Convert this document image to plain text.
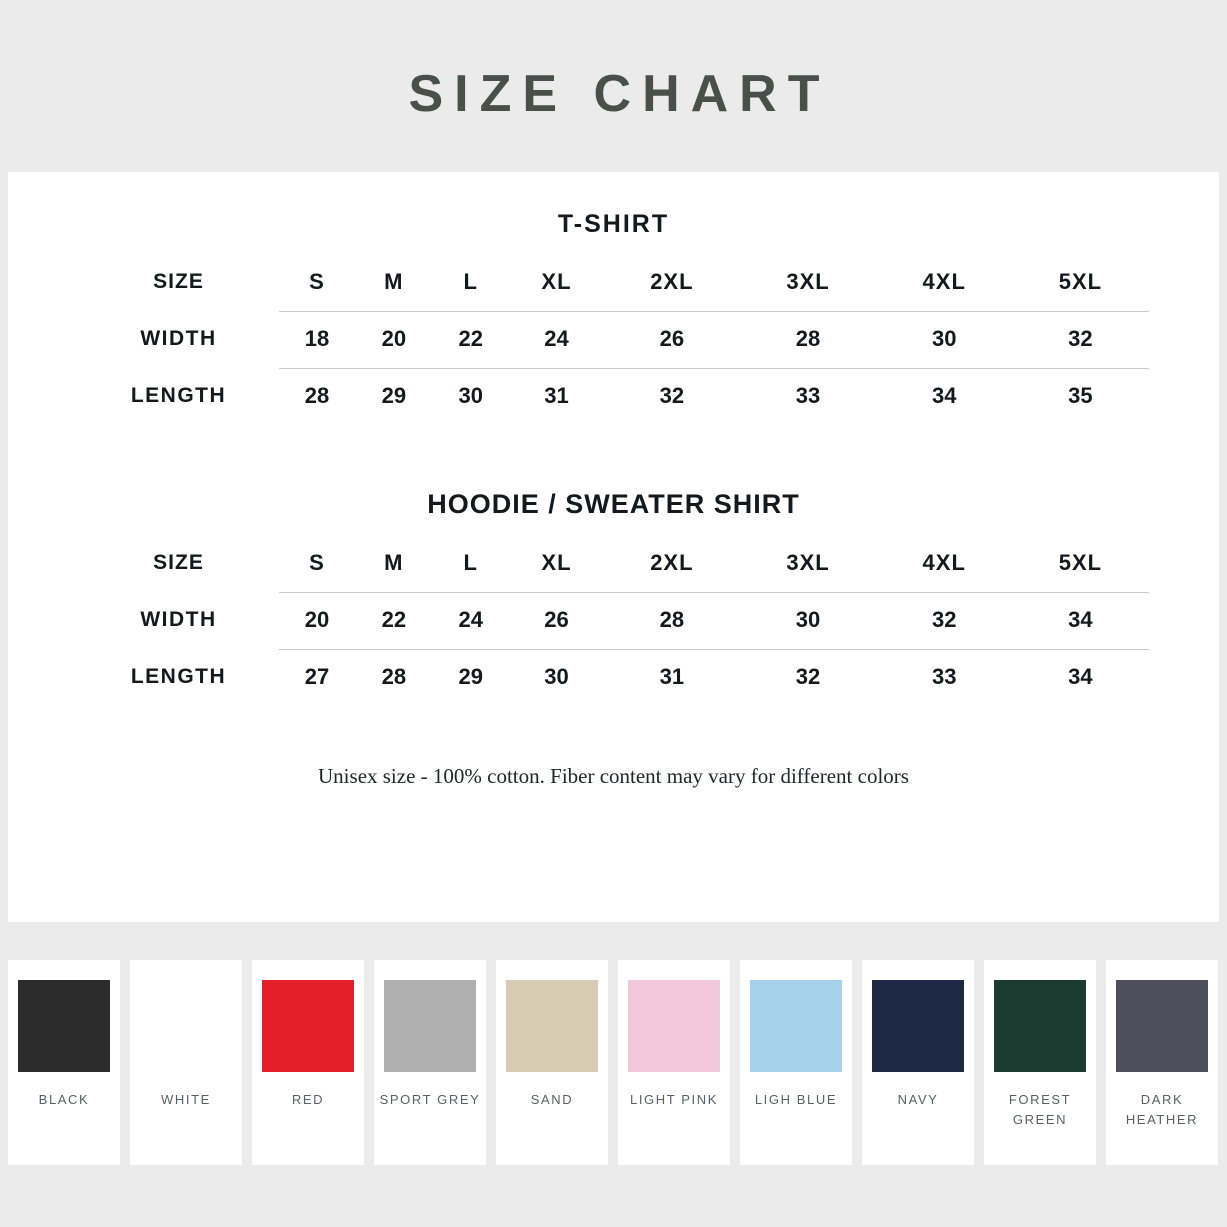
SIZE CHART
T-SHIRT
SIZE	S	M	L	XL	2XL	3XL	4XL	5XL
WIDTH	18	20	22	24	26	28	30	32
LENGTH	28	29	30	31	32	33	34	35
HOODIE / SWEATER SHIRT
SIZE	S	M	L	XL	2XL	3XL	4XL	5XL
WIDTH	20	22	24	26	28	30	32	34
LENGTH	27	28	29	30	31	32	33	34
Unisex size - 100% cotton. Fiber content may vary for different colors
BLACK	WHITE	RED	SPORT GREY	SAND	LIGHT PINK	LIGH BLUE	NAVY	FOREST GREEN
DARK HEATHER
